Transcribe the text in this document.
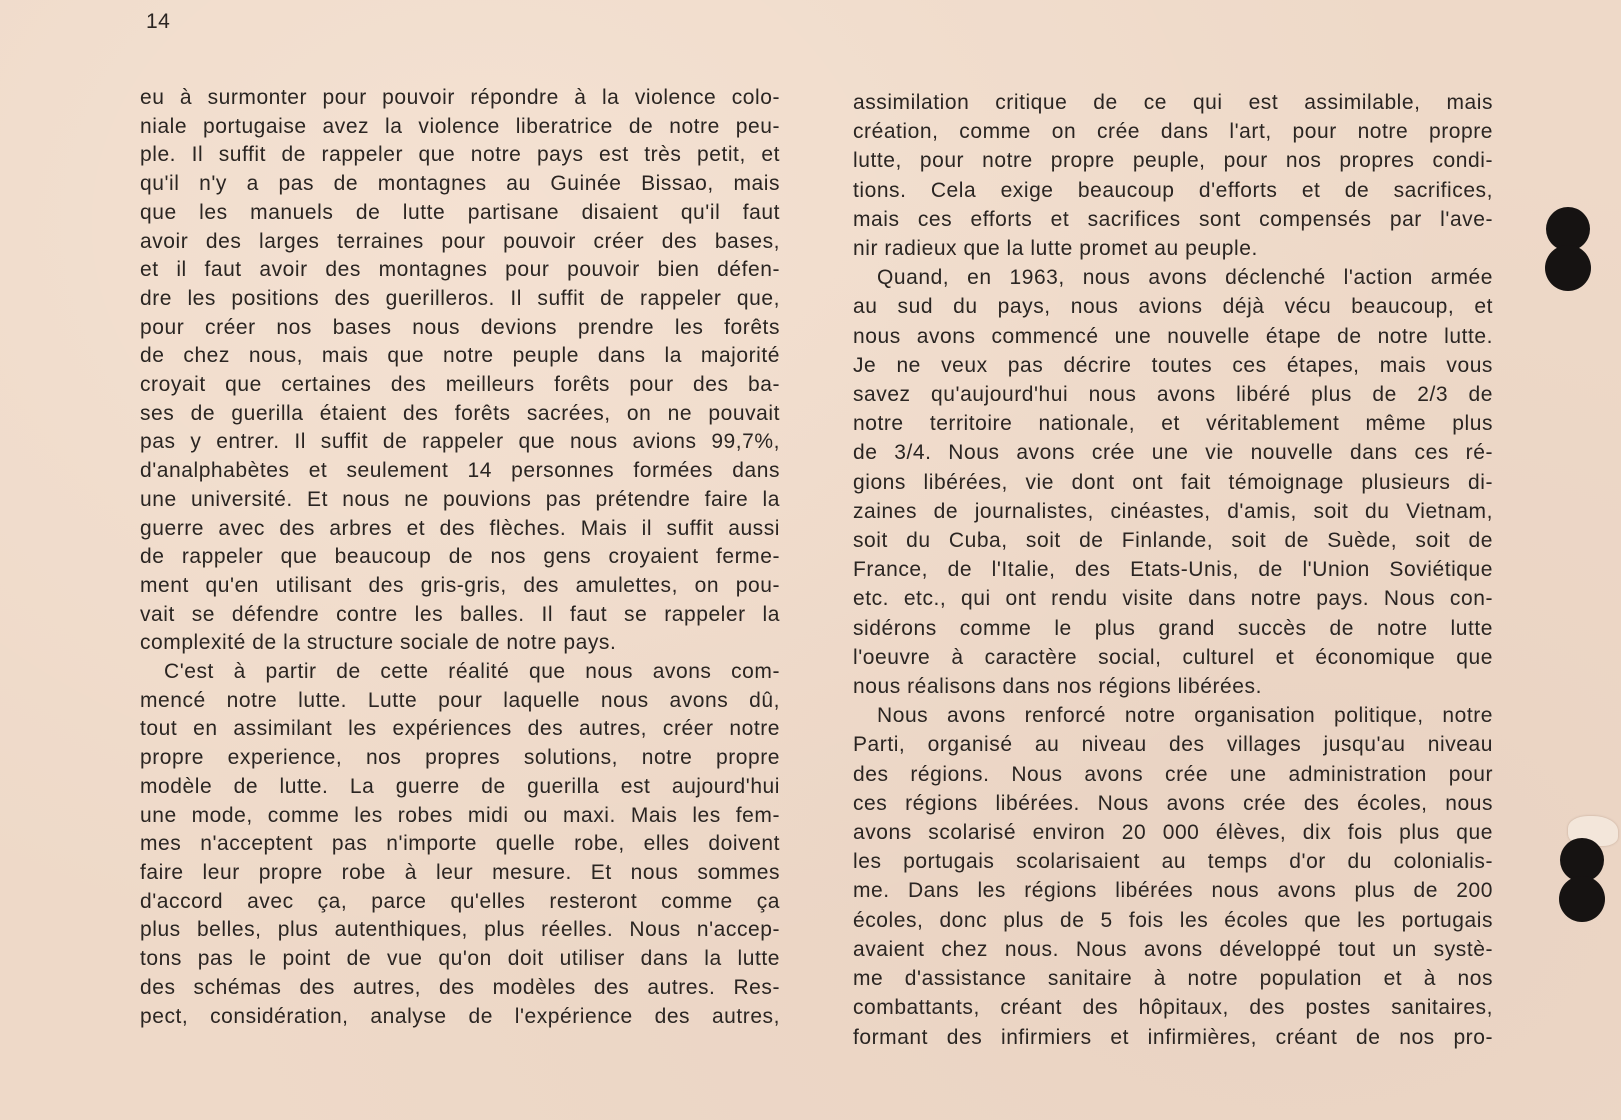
14
eu à surmonter pour pouvoir répondre à la violence colo-
niale portugaise avez la violence liberatrice de notre peu-
ple. Il suffit de rappeler que notre pays est très petit, et
qu'il n'y a pas de montagnes au Guinée Bissao, mais
que les manuels de lutte partisane disaient qu'il faut
avoir des larges terraines pour pouvoir créer des bases,
et il faut avoir des montagnes pour pouvoir bien défen-
dre les positions des guerilleros. Il suffit de rappeler que,
pour créer nos bases nous devions prendre les forêts
de chez nous, mais que notre peuple dans la majorité
croyait que certaines des meilleurs forêts pour des ba-
ses de guerilla étaient des forêts sacrées, on ne pouvait
pas y entrer. Il suffit de rappeler que nous avions 99,7%,
d'analphabètes et seulement 14 personnes formées dans
une université. Et nous ne pouvions pas prétendre faire la
guerre avec des arbres et des flèches. Mais il suffit aussi
de rappeler que beaucoup de nos gens croyaient ferme-
ment qu'en utilisant des gris-gris, des amulettes, on pou-
vait se défendre contre les balles. Il faut se rappeler la
complexité de la structure sociale de notre pays.
C'est à partir de cette réalité que nous avons com-
mencé notre lutte. Lutte pour laquelle nous avons dû,
tout en assimilant les expériences des autres, créer notre
propre experience, nos propres solutions, notre propre
modèle de lutte. La guerre de guerilla est aujourd'hui
une mode, comme les robes midi ou maxi. Mais les fem-
mes n'acceptent pas n'importe quelle robe, elles doivent
faire leur propre robe à leur mesure. Et nous sommes
d'accord avec ça, parce qu'elles resteront comme ça
plus belles, plus autenthiques, plus réelles. Nous n'accep-
tons pas le point de vue qu'on doit utiliser dans la lutte
des schémas des autres, des modèles des autres. Res-
pect, considération, analyse de l'expérience des autres,
assimilation critique de ce qui est assimilable, mais
création, comme on crée dans l'art, pour notre propre
lutte, pour notre propre peuple, pour nos propres condi-
tions. Cela exige beaucoup d'efforts et de sacrifices,
mais ces efforts et sacrifices sont compensés par l'ave-
nir radieux que la lutte promet au peuple.
Quand, en 1963, nous avons déclenché l'action armée
au sud du pays, nous avions déjà vécu beaucoup, et
nous avons commencé une nouvelle étape de notre lutte.
Je ne veux pas décrire toutes ces étapes, mais vous
savez qu'aujourd'hui nous avons libéré plus de 2/3 de
notre territoire nationale, et véritablement même plus
de 3/4. Nous avons crée une vie nouvelle dans ces ré-
gions libérées, vie dont ont fait témoignage plusieurs di-
zaines de journalistes, cinéastes, d'amis, soit du Vietnam,
soit du Cuba, soit de Finlande, soit de Suède, soit de
France, de l'Italie, des Etats-Unis, de l'Union Soviétique
etc. etc., qui ont rendu visite dans notre pays. Nous con-
sidérons comme le plus grand succès de notre lutte
l'oeuvre à caractère social, culturel et économique que
nous réalisons dans nos régions libérées.
Nous avons renforcé notre organisation politique, notre
Parti, organisé au niveau des villages jusqu'au niveau
des régions. Nous avons crée une administration pour
ces régions libérées. Nous avons crée des écoles, nous
avons scolarisé environ 20 000 élèves, dix fois plus que
les portugais scolarisaient au temps d'or du colonialis-
me. Dans les régions libérées nous avons plus de 200
écoles, donc plus de 5 fois les écoles que les portugais
avaient chez nous. Nous avons développé tout un systè-
me d'assistance sanitaire à notre population et à nos
combattants, créant des hôpitaux, des postes sanitaires,
formant des infirmiers et infirmières, créant de nos pro-
